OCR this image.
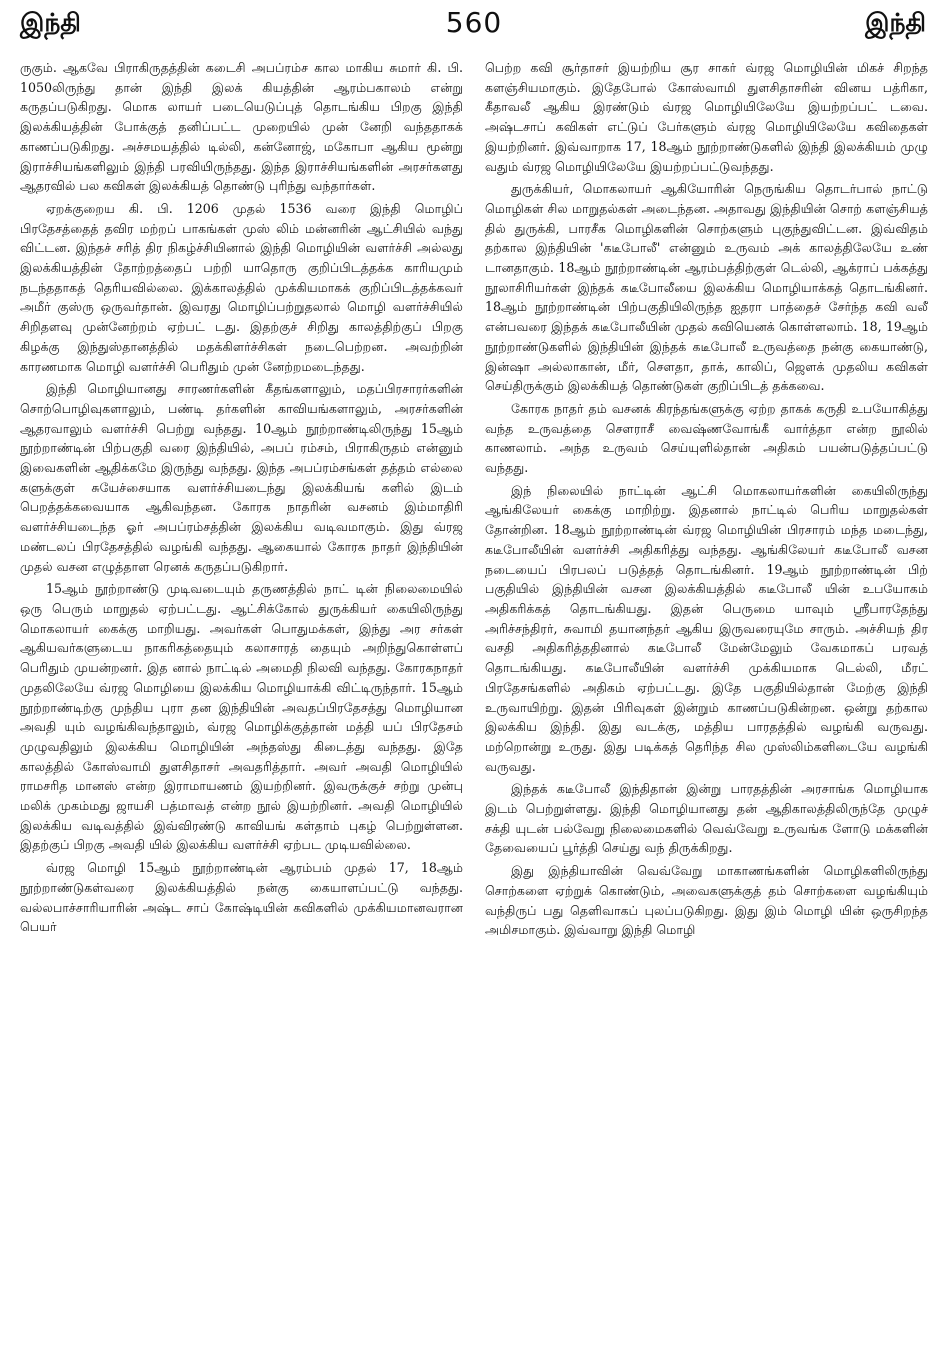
இந்தி	560	இந்தி

ருகும். ஆகவே பிராகிருதத்தின் கடைசி அபப்ரம்ச கால மாகிய சுமார் கி. பி. 1050லிருந்து தான் இந்தி இலக் கியத்தின் ஆரம்பகாலம் என்று கருதப்படுகிறது. மொக லாயர் படையெடுப்புத் தொடங்கிய பிறகு இந்தி இலக்கியத்தின் போக்குத் தனிப்பட்ட முறையில் முன் னேறி வந்ததாகக் காணப்படுகிறது. அச்சமயத்தில் டில்லி, கன்னோஜ், மகோபா ஆகிய மூன்று இராச்சியங்களிலும் இந்தி பரவியிருந்தது. இந்த இராச்சியங்களின் அரசர்களது ஆதரவில் பல கவிகள் இலக்கியத் தொண்டு புரிந்து வந்தார்கள்.

ஏறக்குறைய கி. பி. 1206 முதல் 1536 வரை இந்தி மொழிப் பிரதேசத்தைத் தவிர மற்றப் பாகங்கள் முஸ் லிம் மன்னரின் ஆட்சியில் வந்து விட்டன. இந்தச் சரித் திர நிகழ்ச்சியினால் இந்தி மொழியின் வளர்ச்சி அல்லது இலக்கியத்தின் தோற்றத்தைப் பற்றி யாதொரு குறிப்பிடத்தக்க காரியமும் நடந்ததாகத் தெரியவில்லை. இக்காலத்தில் முக்கியமாகக் குறிப்பிடத்தக்கவர் அமீர் குஸ்ரு ஒருவர்தான். இவரது மொழிப்பற்றுதலால் மொழி வளர்ச்சியில் சிறிதளவு முன்னேற்றம் ஏற்பட் டது. இதற்குச் சிறிது காலத்திற்குப் பிறகு கிழக்கு இந்துஸ்தானத்தில் மதக்கிளர்ச்சிகள் நடைபெற்றன. அவற்றின் காரணமாக மொழி வளர்ச்சி பெரிதும் முன் னேற்றமடைந்தது.

இந்தி மொழியானது சாரணர்களின் கீதங்களாலும், மதப்பிரசாரர்களின் சொற்பொழிவுகளாலும், பண்டி தர்களின் காவியங்களாலும், அரசர்களின் ஆதரவாலும் வளர்ச்சி பெற்று வந்தது. 10ஆம் நூற்றாண்டிலிருந்து 15ஆம் நூற்றாண்டின் பிற்பகுதி வரை இந்தியில், அபப் ரம்சம், பிராகிருதம் என்னும் இவைகளின் ஆதிக்கமே இருந்து வந்தது. இந்த அபப்ரம்சங்கள் தத்தம் எல்லை களுக்குள் சுயேச்சையாக வளர்ச்சியடைந்து இலக்கியங் களில் இடம் பெறத்தக்கவையாக ஆகிவந்தன. கோரக நாதரின் வசனம் இம்மாதிரி வளர்ச்சியடைந்த ஓர் அபப்ரம்சத்தின் இலக்கிய வடிவமாகும். இது வ்ரஜ மண்டலப் பிரதேசத்தில் வழங்கி வந்தது. ஆகையால் கோரக நாதர் இந்தியின் முதல் வசன எழுத்தாள ரெனக் கருதப்படுகிறார்.

15ஆம் நூற்றாண்டு முடிவடையும் தருணத்தில் நாட் டின் நிலைமையில் ஒரு பெரும் மாறுதல் ஏற்பட்டது. ஆட்சிக்கோல் துருக்கியர் கையிலிருந்து மொகலாயர் கைக்கு மாறியது. அவர்கள் பொதுமக்கள், இந்து அர சர்கள் ஆகியவர்களுடைய நாகரிகத்தையும் கலாசாரத் தையும் அறிந்துகொள்ளப் பெரிதும் முயன்றனர். இத னால் நாட்டில் அமைதி நிலவி வந்தது. கோரகநாதர் முதலிலேயே வ்ரஜ மொழியை இலக்கிய மொழியாக்கி விட்டிருந்தார். 15ஆம் நூற்றாண்டிற்கு முந்திய புரா தன இந்தியின் அவதப்பிரதேசத்து மொழியான அவதி யும் வழங்கிவந்தாலும், வ்ரஜ மொழிக்குத்தான் மத்தி யப் பிரதேசம் முழுவதிலும் இலக்கிய மொழியின் அந்தஸ்து கிடைத்து வந்தது. இதே காலத்தில் கோஸ்வாமி துளசிதாசர் அவதரித்தார். அவர் அவதி மொழியில் ராமசரித மானஸ் என்ற இராமாயணம் இயற்றினர். இவருக்குச் சற்று முன்பு மலிக் முகம்மது ஜாயசி பத்மாவத் என்ற நூல் இயற்றினர். அவதி மொழியில் இலக்கிய வடிவத்தில் இவ்விரண்டு காவியங் கள்தாம் புகழ் பெற்றுள்ளன. இதற்குப் பிறகு அவதி யில் இலக்கிய வளர்ச்சி ஏற்பட முடியவில்லை.

வ்ரஜ மொழி 15ஆம் நூற்றாண்டின் ஆரம்பம் முதல் 17, 18ஆம் நூற்றாண்டுகள்வரை இலக்கியத்தில் நன்கு கையாளப்பட்டு வந்தது. வல்லபாச்சாரியாரின் அஷ்ட சாப் கோஷ்டியின் கவிகளில் முக்கியமானவரான பெயர்

பெற்ற கவி சூர்தாசர் இயற்றிய சூர சாகர் வ்ரஜ மொழியின் மிகச் சிறந்த களஞ்சியமாகும். இதேபோல் கோஸ்வாமி துளசிதாசரின் வினய பத்ரிகா, கீதாவலீ ஆகிய இரண்டும் வ்ரஜ மொழியிலேயே இயற்றப்பட் டவை. அஷ்டசாப் கவிகள் எட்டுப் பேர்களும் வ்ரஜ மொழியிலேயே கவிதைகள் இயற்றினர். இவ்வாறாக 17, 18ஆம் நூற்றாண்டுகளில் இந்தி இலக்கியம் முழு வதும் வ்ரஜ மொழியிலேயே இயற்றப்பட்டுவந்தது.

துருக்கியர், மொகலாயர் ஆகியோரின் நெருங்கிய தொடர்பால் நாட்டு மொழிகள் சில மாறுதல்கள் அடைந்தன. அதாவது இந்தியின் சொற் களஞ்சியத் தில் துருக்கி, பாரசீக மொழிகளின் சொற்களும் புகுந்துவிட்டன. இவ்விதம் தற்கால இந்தியின் 'கடீபோலீ' என்னும் உருவம் அக் காலத்திலேயே உண் டானதாகும். 18ஆம் நூற்றாண்டின் ஆரம்பத்திற்குள் டெல்லி, ஆக்ராப் பக்கத்து நூலாசிரியர்கள் இந்தக் கடீபோலீயை இலக்கிய மொழியாக்கத் தொடங்கினர். 18ஆம் நூற்றாண்டின் பிற்பகுதியிலிருந்த ஐதரா பாத்தைச் சேர்ந்த கவி வலீ என்பவரை இந்தக் கடீபோலீயின் முதல் கவியெனக் கொள்ளலாம். 18, 19ஆம் நூற்றாண்டுகளில் இந்தியின் இந்தக் கடீபோலீ உருவத்தை நன்கு கையாண்டு, இன்ஷா அல்லாகான், மீர், சௌதா, தாக், காலிப், ஜௌக் முதலிய கவிகள் செய்திருக்கும் இலக்கியத் தொண்டுகள் குறிப்பிடத் தக்கவை.

கோரக நாதர் தம் வசனக் கிரந்தங்களுக்கு ஏற்ற தாகக் கருதி உபயோகித்து வந்த உருவத்தை சௌராசீ வைஷ்ணவோங்கீ வார்த்தா என்ற நூலில் காணலாம். அந்த உருவம் செய்யுளில்தான் அதிகம் பயன்படுத்தப்பட்டு வந்தது.

இந் நிலையில் நாட்டின் ஆட்சி மொகலாயர்களின் கையிலிருந்து ஆங்கிலேயர் கைக்கு மாறிற்று. இதனால் நாட்டில் பெரிய மாறுதல்கள் தோன்றின. 18ஆம் நூற்றாண்டின் வ்ரஜ மொழியின் பிரசாரம் மந்த மடைந்து, கடீபோலீயின் வளர்ச்சி அதிகரித்து வந்தது. ஆங்கிலேயர் கடீபோலீ வசன நடையைப் பிரபலப் படுத்தத் தொடங்கினர். 19ஆம் நூற்றாண்டின் பிற் பகுதியில் இந்தியின் வசன இலக்கியத்தில் கடீபோலீ யின் உபயோகம் அதிகரிக்கத் தொடங்கியது. இதன் பெருமை யாவும் ஸ்ரீபாரதேந்து அரிச்சந்திரர், சுவாமி தயானந்தர் ஆகிய இருவரையுமே சாரும். அச்சியந் திர வசதி அதிகரித்ததினால் கடீபோலீ மேன்மேலும் வேகமாகப் பரவத் தொடங்கியது. கடீபோலீயின் வளர்ச்சி முக்கியமாக டெல்லி, மீரட் பிரதேசங்களில் அதிகம் ஏற்பட்டது. இதே பகுதியில்தான் மேற்கு இந்தி உருவாயிற்று. இதன் பிரிவுகள் இன்றும் காணப்படுகின்றன. ஒன்று தற்கால இலக்கிய இந்தி. இது வடக்கு, மத்திய பாரதத்தில் வழங்கி வருவது. மற்றொன்று உருது. இது படிக்கத் தெரிந்த சில முஸ்லிம்களிடையே வழங்கி வருவது.

இந்தக் கடீபோலீ இந்திதான் இன்று பாரதத்தின் அரசாங்க மொழியாக இடம் பெற்றுள்ளது. இந்தி மொழியானது தன் ஆதிகாலத்திலிருந்தே முழுச் சக்தி யுடன் பல்வேறு நிலைமைகளில் வெவ்வேறு உருவங்க ளோடு மக்களின் தேவையைப் பூர்த்தி செய்து வந் திருக்கிறது.

இது இந்தியாவின் வெவ்வேறு மாகாணங்களின் மொழிகளிலிருந்து சொற்களை ஏற்றுக் கொண்டும், அவைகளுக்குத் தம் சொற்களை வழங்கியும் வந்திருப் பது தெளிவாகப் புலப்படுகிறது. இது இம் மொழி யின் ஒருசிறந்த அமிசமாகும். இவ்வாறு இந்தி மொழி
